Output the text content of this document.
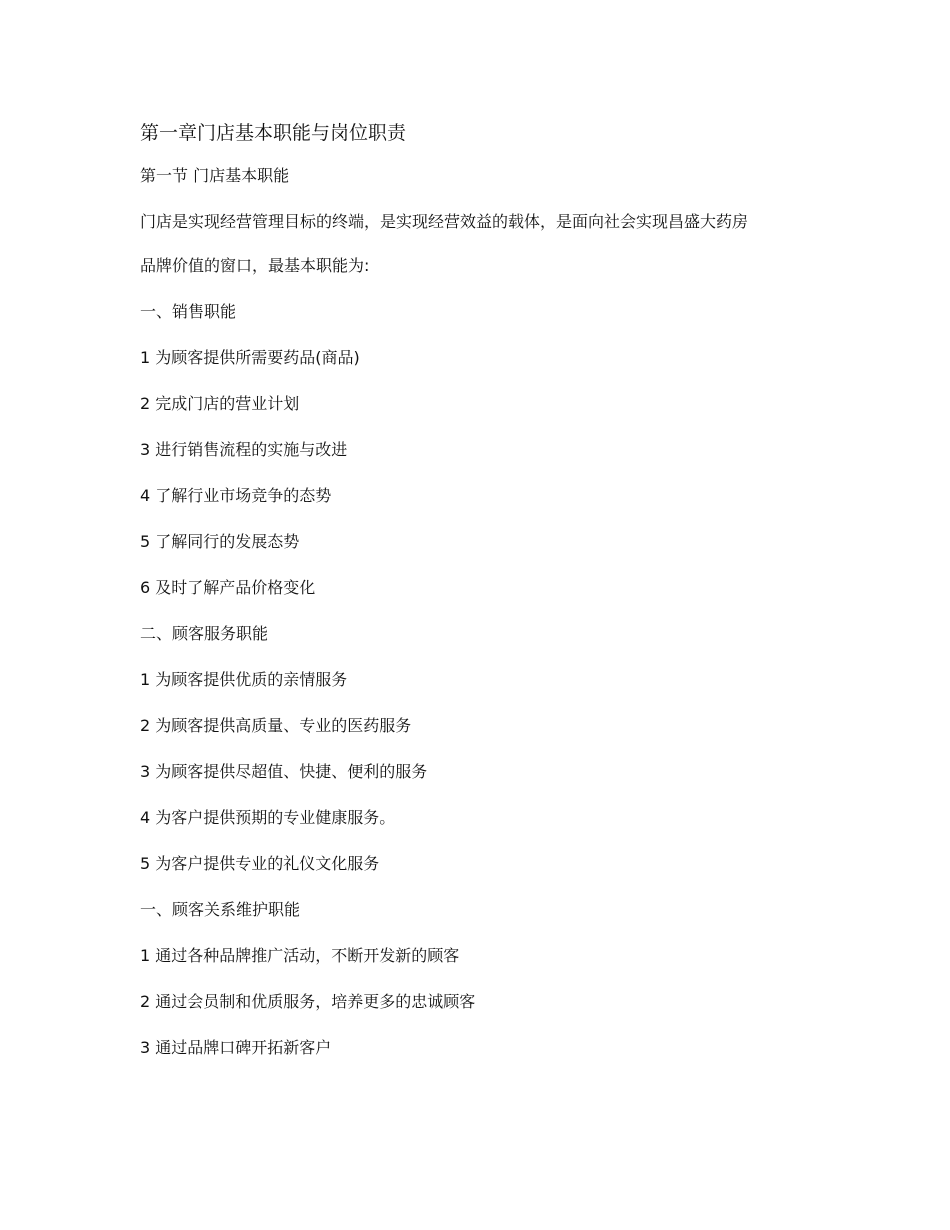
第一章门店基本职能与岗位职责

第一节 门店基本职能

门店是实现经营管理目标的终端，是实现经营效益的载体，是面向社会实现昌盛大药房

品牌价值的窗口，最基本职能为:

一、销售职能

1 为顾客提供所需要药品(商品)

2 完成门店的营业计划

3 进行销售流程的实施与改进

4 了解行业市场竞争的态势

5 了解同行的发展态势

6 及时了解产品价格变化

二、顾客服务职能

1 为顾客提供优质的亲情服务

2 为顾客提供高质量、专业的医药服务

3 为顾客提供尽超值、快捷、便利的服务

4 为客户提供预期的专业健康服务。

5 为客户提供专业的礼仪文化服务

一、顾客关系维护职能

1 通过各种品牌推广活动，不断开发新的顾客

2 通过会员制和优质服务，培养更多的忠诚顾客

3 通过品牌口碑开拓新客户
